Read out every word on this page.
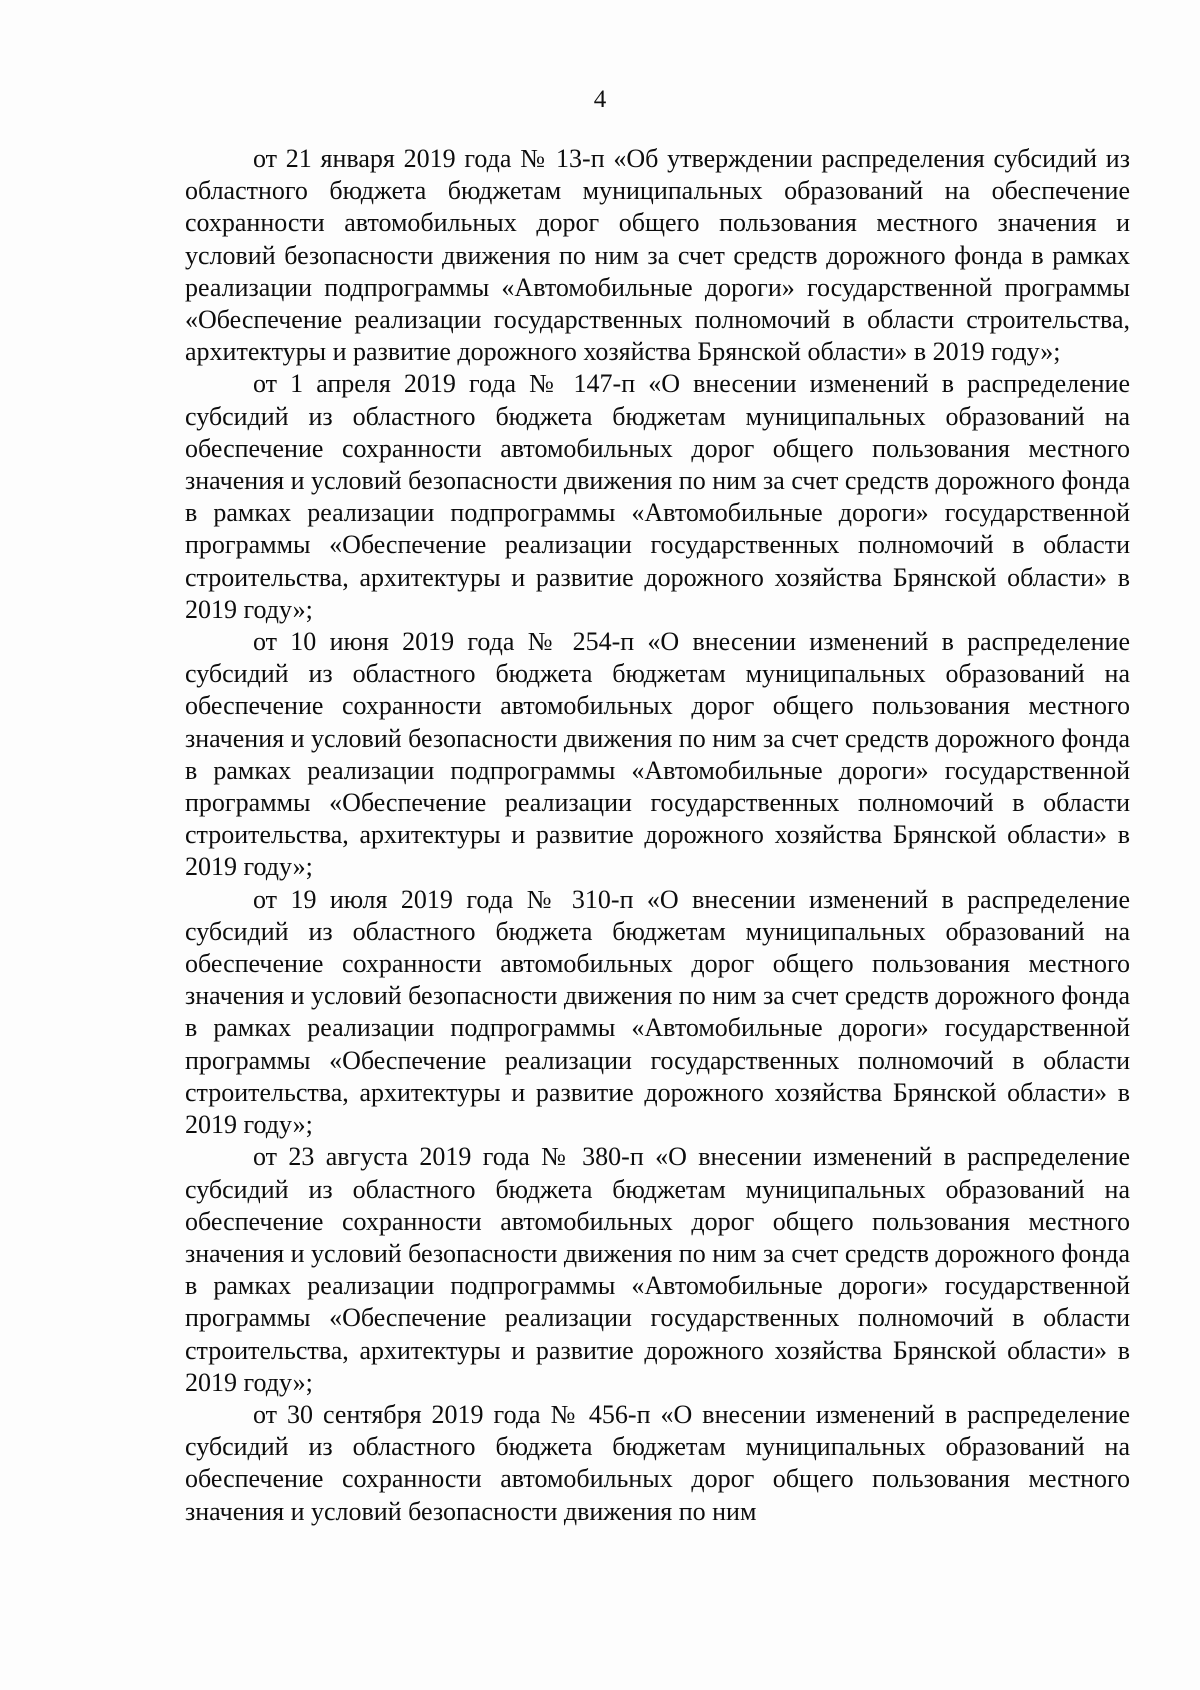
4

от 21 января 2019 года № 13-п «Об утверждении распределения субсидий из областного бюджета бюджетам муниципальных образований на обеспечение сохранности автомобильных дорог общего пользования местного значения и условий безопасности движения по ним за счет средств дорожного фонда в рамках реализации подпрограммы «Автомобильные дороги» государственной программы «Обеспечение реализации государственных полномочий в области строительства, архитектуры и развитие дорожного хозяйства Брянской области» в 2019 году»;

от 1 апреля 2019 года № 147-п «О внесении изменений в распределение субсидий из областного бюджета бюджетам муниципальных образований на обеспечение сохранности автомобильных дорог общего пользования местного значения и условий безопасности движения по ним за счет средств дорожного фонда в рамках реализации подпрограммы «Автомобильные дороги» государственной программы «Обеспечение реализации государственных полномочий в области строительства, архитектуры и развитие дорожного хозяйства Брянской области» в 2019 году»;

от 10 июня 2019 года № 254-п «О внесении изменений в распределение субсидий из областного бюджета бюджетам муниципальных образований на обеспечение сохранности автомобильных дорог общего пользования местного значения и условий безопасности движения по ним за счет средств дорожного фонда в рамках реализации подпрограммы «Автомобильные дороги» государственной программы «Обеспечение реализации государственных полномочий в области строительства, архитектуры и развитие дорожного хозяйства Брянской области» в 2019 году»;

от 19 июля 2019 года № 310-п «О внесении изменений в распределение субсидий из областного бюджета бюджетам муниципальных образований на обеспечение сохранности автомобильных дорог общего пользования местного значения и условий безопасности движения по ним за счет средств дорожного фонда в рамках реализации подпрограммы «Автомобильные дороги» государственной программы «Обеспечение реализации государственных полномочий в области строительства, архитектуры и развитие дорожного хозяйства Брянской области» в 2019 году»;

от 23 августа 2019 года № 380-п «О внесении изменений в распределение субсидий из областного бюджета бюджетам муниципальных образований на обеспечение сохранности автомобильных дорог общего пользования местного значения и условий безопасности движения по ним за счет средств дорожного фонда в рамках реализации подпрограммы «Автомобильные дороги» государственной программы «Обеспечение реализации государственных полномочий в области строительства, архитектуры и развитие дорожного хозяйства Брянской области» в 2019 году»;

от 30 сентября 2019 года № 456-п «О внесении изменений в распределение субсидий из областного бюджета бюджетам муниципальных образований на обеспечение сохранности автомобильных дорог общего пользования местного значения и условий безопасности движения по ним
